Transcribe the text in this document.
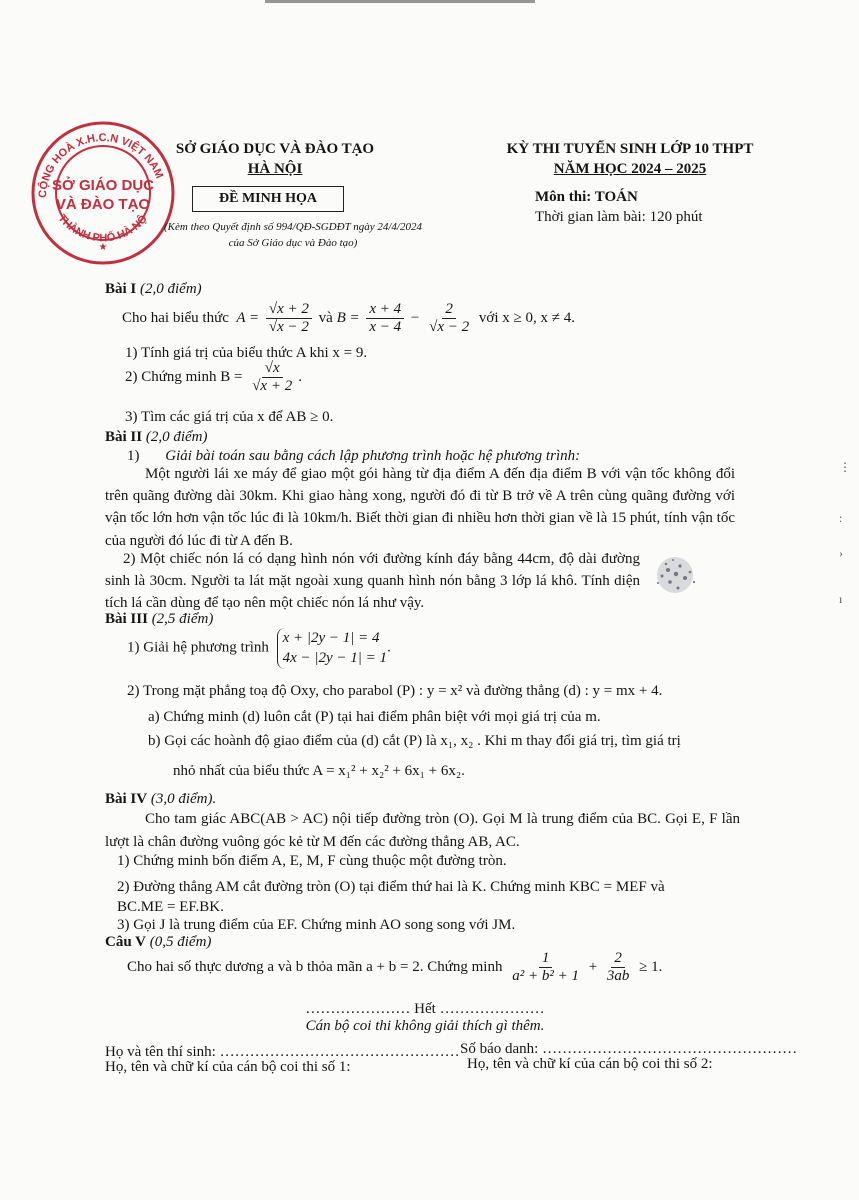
CỘNG HOÀ X.H.C.N VIỆT NAM
THÀNH PHỐ HÀ NỘ
SỞ GIÁO DỤC
VÀ ĐÀO TẠO
★
SỞ GIÁO DỤC VÀ ĐÀO TẠO
HÀ NỘI
ĐỀ MINH HỌA
(Kèm theo Quyết định số 994/QĐ-SGDĐT ngày 24/4/2024
của Sở Giáo dục và Đào tạo)
KỲ THI TUYỂN SINH LỚP 10 THPT
NĂM HỌC 2024 – 2025
Môn thi: TOÁN
Thời gian làm bài: 120 phút
Bài I (2,0 điểm)
Cho hai biểu thức  $A = \frac{√x + 2}{√x - 2}$ và $B = \frac{x + 4}{x - 4} - \frac{2}{√x - 2}$ với x ≥ 0, x ≠ 4.
1) Tính giá trị của biểu thức A khi x = 9.
2) Chứng minh $B = \frac{√x}{√x + 2}$ .
3) Tìm các giá trị của x để AB ≥ 0.
Bài II (2,0 điểm)
1) Giải bài toán sau bằng cách lập phương trình hoặc hệ phương trình:
Một người lái xe máy để giao một gói hàng từ địa điểm A đến địa điểm B với vận tốc không đổi trên quãng đường dài 30km. Khi giao hàng xong, người đó đi từ B trở về A trên cùng quãng đường với vận tốc lớn hơn vận tốc lúc đi là 10km/h. Biết thời gian đi nhiều hơn thời gian về là 15 phút, tính vận tốc của người đó lúc đi từ A đến B.
2) Một chiếc nón lá có dạng hình nón với đường kính đáy bằng 44cm, độ dài đường sinh là 30cm. Người ta lát mặt ngoài xung quanh hình nón bằng 3 lớp lá khô. Tính diện tích lá cần dùng để tạo nên một chiếc nón lá như vậy.
Bài III (2,5 điểm)
1) Giải hệ phương trình
x + |2y − 1| = 4
4x − |2y − 1| = 1
.
2) Trong mặt phẳng toạ độ Oxy, cho parabol (P) : y = x² và đường thẳng (d) : y = mx + 4.
a) Chứng minh (d) luôn cắt (P) tại hai điểm phân biệt với mọi giá trị của m.
b) Gọi các hoành độ giao điểm của (d) cắt (P) là x₁, x₂ . Khi m thay đổi giá trị, tìm giá trị
nhỏ nhất của biểu thức A = x₁² + x₂² + 6x₁ + 6x₂.
Bài IV (3,0 điểm).
Cho tam giác ABC(AB > AC) nội tiếp đường tròn (O). Gọi M là trung điểm của BC. Gọi E, F lần lượt là chân đường vuông góc kẻ từ M đến các đường thẳng AB, AC.
1) Chứng minh bốn điểm A, E, M, F cùng thuộc một đường tròn.
2) Đường thẳng AM cắt đường tròn (O) tại điểm thứ hai là K. Chứng minh KBC = MEF và
BC.ME = EF.BK.
3) Gọi J là trung điểm của EF. Chứng minh AO song song với JM.
Câu V (0,5 điểm)
Cho hai số thực dương a và b thỏa mãn a + b = 2. Chứng minh $\frac{1}{\text{a² + b² + 1}} + \frac{2}{3ab} \ge 1$.
………………… Hết …………………
Cán bộ coi thi không giải thích gì thêm.
Họ và tên thí sinh: ………………………………………… Số báo danh: ……………………………………………
Họ, tên và chữ kí của cán bộ coi thi số 1:	Họ, tên và chữ kí của cán bộ coi thi số 2:
⋮
:
›
ı
